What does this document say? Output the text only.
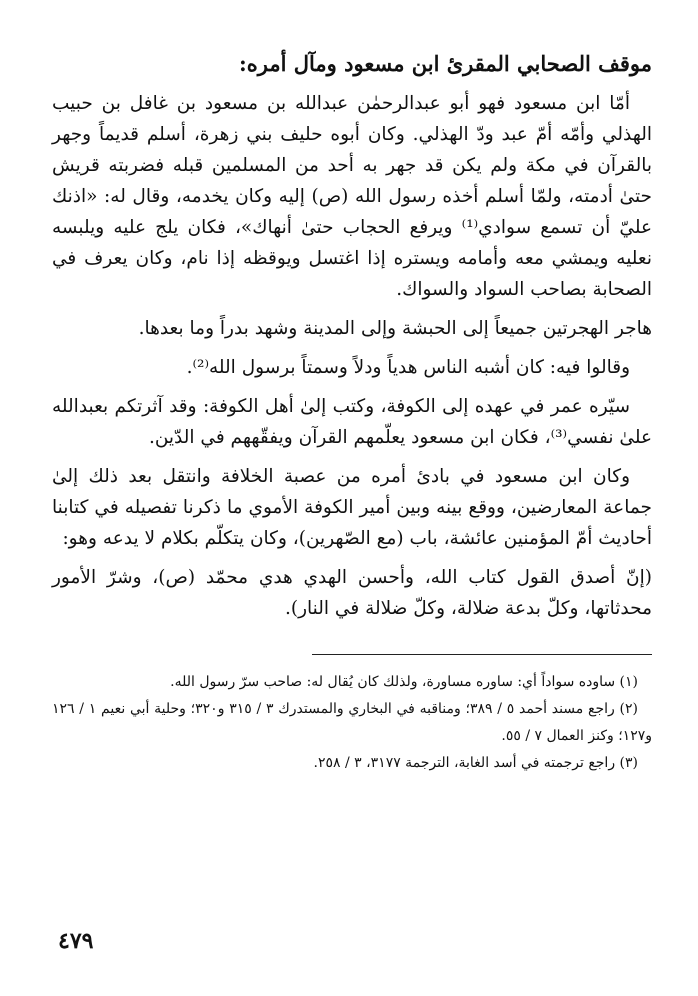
موقف الصحابي المقرئ ابن مسعود ومآل أمره:

أمّا ابن مسعود فهو أبو عبدالرحمٰن عبدالله بن مسعود بن غافل بن حبيب الهذلي وأمّه أمّ عبد ودّ الهذلي. وكان أبوه حليف بني زهرة، أسلم قديماً وجهر بالقرآن في مكة ولم يكن قد جهر به أحد من المسلمين قبله فضربته قريش حتىٰ أدمته، ولمّا أسلم أخذه رسول الله (ص) إليه وكان يخدمه، وقال له: «اذنك عليّ أن تسمع سوادي⁽¹⁾ ويرفع الحجاب حتىٰ أنهاك»، فكان يلج عليه ويلبسه نعليه ويمشي معه وأمامه ويستره إذا اغتسل ويوقظه إذا نام، وكان يعرف في الصحابة بصاحب السواد والسواك.

هاجر الهجرتين جميعاً إلى الحبشة وإلى المدينة وشهد بدراً وما بعدها.

وقالوا فيه: كان أشبه الناس هدياً ودلاً وسمتاً برسول الله⁽²⁾.

سيّره عمر في عهده إلى الكوفة، وكتب إلىٰ أهل الكوفة: وقد آثرتكم بعبدالله علىٰ نفسي⁽³⁾، فكان ابن مسعود يعلّمهم القرآن ويفقّههم في الدّين.

وكان ابن مسعود في بادئ أمره من عصبة الخلافة وانتقل بعد ذلك إلىٰ جماعة المعارضين، ووقع بينه وبين أمير الكوفة الأموي ما ذكرنا تفصيله في كتابنا أحاديث أمّ المؤمنين عائشة، باب (مع الصّهرين)، وكان يتكلّم بكلام لا يدعه وهو:

(إنّ أصدق القول كتاب الله، وأحسن الهدي هدي محمّد (ص)، وشرّ الأمور محدثاتها، وكلّ بدعة ضلالة، وكلّ ضلالة في النار).

(١) ساوده سواداً أي: ساوره مساورة، ولذلك كان يُقال له: صاحب سرّ رسول الله.

(٢) راجع مسند أحمد ٥ / ٣٨٩؛ ومناقبه في البخاري والمستدرك ٣ / ٣١٥ و٣٢٠؛ وحلية أبي نعيم ١ / ١٢٦ و١٢٧؛ وكنز العمال ٧ / ٥٥.

(٣) راجع ترجمته في أسد الغابة، الترجمة ٣١٧٧، ٣ / ٢٥٨.

٤٧٩
